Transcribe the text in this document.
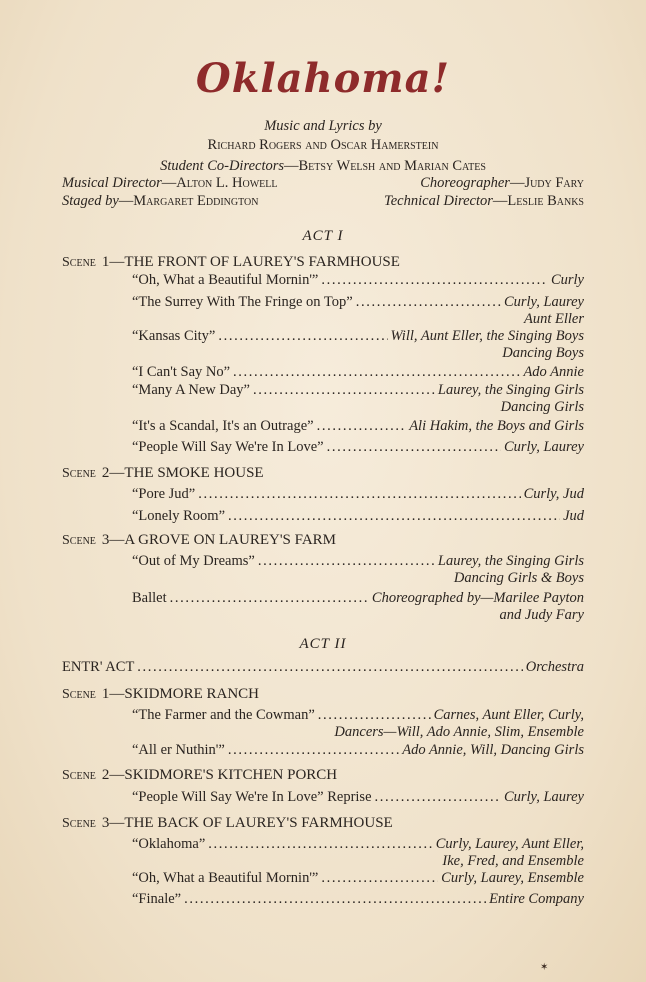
Oklahoma!
Music and Lyrics by
Richard Rogers and Oscar Hamerstein
Student Co-Directors—Betsy Welsh and Marian Cates
Musical Director—Alton L. Howell	Choreographer—Judy Fary
Staged by—Margaret Eddington	Technical Director—Leslie Banks
ACT I
Scene 1—THE FRONT OF LAUREY'S FARMHOUSE
“Oh, What a Beautiful Mornin'” . . .	Curly
“The Surrey With The Fringe on Top” . . .	Curly, Laurey
Aunt Eller
“Kansas City” . . .	Will, Aunt Eller, the Singing Boys
Dancing Boys
“I Can't Say No” . . .	Ado Annie
“Many A New Day” . . .	Laurey, the Singing Girls
Dancing Girls
“It's a Scandal, It's an Outrage” . . .	Ali Hakim, the Boys and Girls
“People Will Say We're In Love” . . .	Curly, Laurey
Scene 2—THE SMOKE HOUSE
“Pore Jud” . . .	Curly, Jud
“Lonely Room” . . .	Jud
Scene 3—A GROVE ON LAUREY'S FARM
“Out of My Dreams” . . .	Laurey, the Singing Girls
Dancing Girls & Boys
Ballet . . .	Choreographed by—Marilee Payton
and Judy Fary
ACT II
ENTR' ACT . . .	Orchestra
Scene 1—SKIDMORE RANCH
“The Farmer and the Cowman” . . .	Carnes, Aunt Eller, Curly,
Dancers—Will, Ado Annie, Slim, Ensemble
“All er Nuthin'” . . .	Ado Annie, Will, Dancing Girls
Scene 2—SKIDMORE'S KITCHEN PORCH
“People Will Say We're In Love” Reprise . . .	Curly, Laurey
Scene 3—THE BACK OF LAUREY'S FARMHOUSE
“Oklahoma” . . .	Curly, Laurey, Aunt Eller,
Ike, Fred, and Ensemble
“Oh, What a Beautiful Mornin'” . . .	Curly, Laurey, Ensemble
“Finale” . . .	Entire Company
✶
